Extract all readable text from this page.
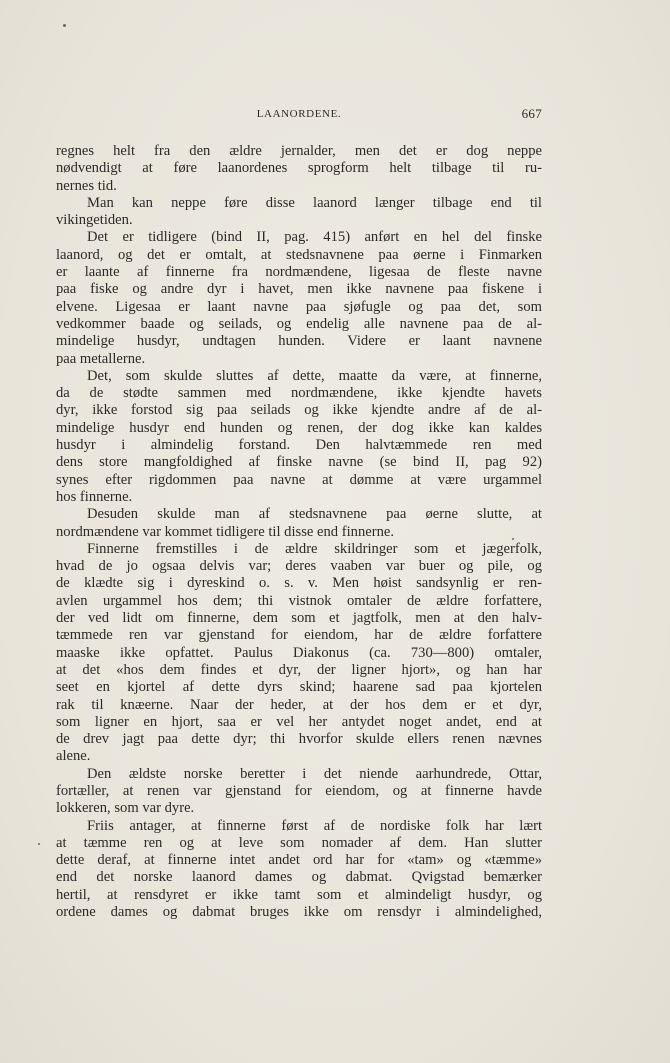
LAANORDENE.	667
regnes helt fra den ældre jernalder, men det er dog neppe
nødvendigt at føre laanordenes sprogform helt tilbage til ru-
nernes tid.
Man kan neppe føre disse laanord længer tilbage end til
vikingetiden.
Det er tidligere (bind II, pag. 415) anført en hel del finske
laanord, og det er omtalt, at stedsnavnene paa øerne i Finmarken
er laante af finnerne fra nordmændene, ligesaa de fleste navne
paa fiske og andre dyr i havet, men ikke navnene paa fiskene i
elvene. Ligesaa er laant navne paa sjøfugle og paa det, som
vedkommer baade og seilads, og endelig alle navnene paa de al-
mindelige husdyr, undtagen hunden. Videre er laant navnene
paa metallerne.
Det, som skulde sluttes af dette, maatte da være, at finnerne,
da de stødte sammen med nordmændene, ikke kjendte havets
dyr, ikke forstod sig paa seilads og ikke kjendte andre af de al-
mindelige husdyr end hunden og renen, der dog ikke kan kaldes
husdyr i almindelig forstand. Den halvtæmmede ren med
dens store mangfoldighed af finske navne (se bind II, pag 92)
synes efter rigdommen paa navne at dømme at være urgammel
hos finnerne.
Desuden skulde man af stedsnavnene paa øerne slutte, at
nordmændene var kommet tidligere til disse end finnerne.
Finnerne fremstilles i de ældre skildringer som et jægerfolk,
hvad de jo ogsaa delvis var; deres vaaben var buer og pile, og
de klædte sig i dyreskind o. s. v. Men høist sandsynlig er ren-
avlen urgammel hos dem; thi vistnok omtaler de ældre forfattere,
der ved lidt om finnerne, dem som et jagtfolk, men at den halv-
tæmmede ren var gjenstand for eiendom, har de ældre forfattere
maaske ikke opfattet. Paulus Diakonus (ca. 730—800) omtaler,
at det «hos dem findes et dyr, der ligner hjort», og han har
seet en kjortel af dette dyrs skind; haarene sad paa kjortelen
rak til knæerne. Naar der heder, at der hos dem er et dyr,
som ligner en hjort, saa er vel her antydet noget andet, end at
de drev jagt paa dette dyr; thi hvorfor skulde ellers renen nævnes
alene.
Den ældste norske beretter i det niende aarhundrede, Ottar,
fortæller, at renen var gjenstand for eiendom, og at finnerne havde
lokkeren, som var dyre.
Friis antager, at finnerne først af de nordiske folk har lært
at tæmme ren og at leve som nomader af dem. Han slutter
dette deraf, at finnerne intet andet ord har for «tam» og «tæmme»
end det norske laanord dames og dabmat. Qvigstad bemærker
hertil, at rensdyret er ikke tamt som et almindeligt husdyr, og
ordene dames og dabmat bruges ikke om rensdyr i almindelighed,
